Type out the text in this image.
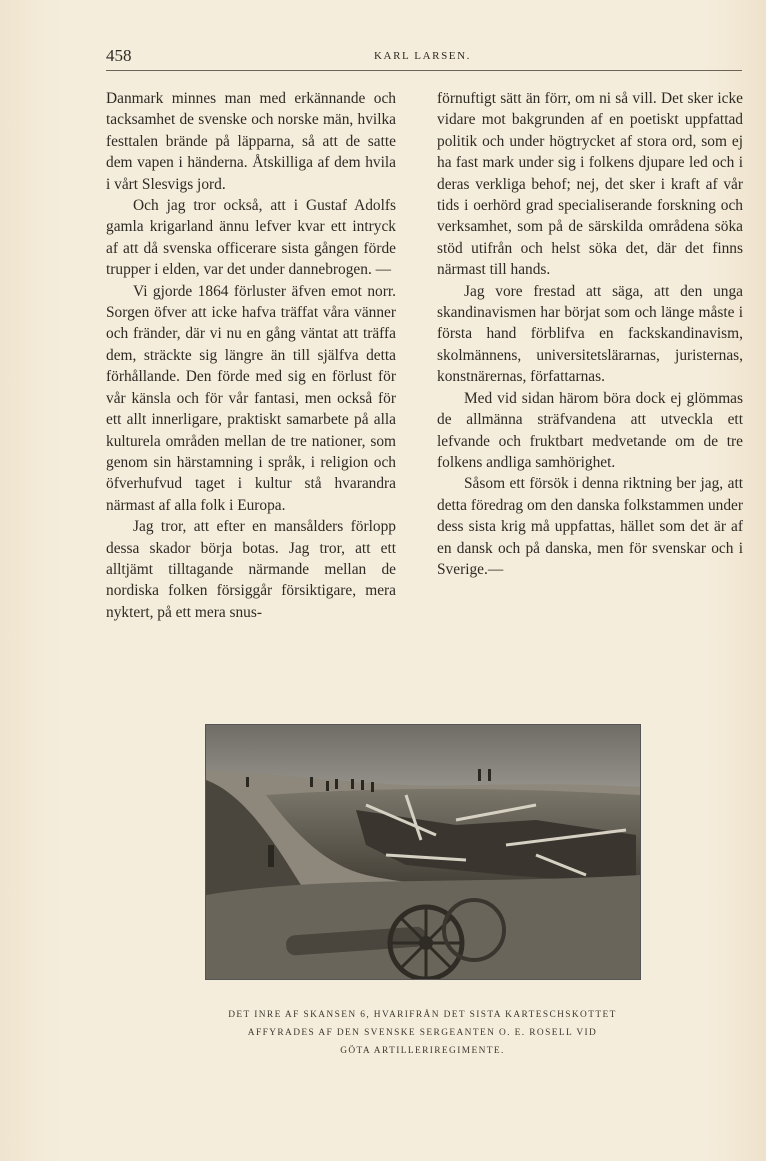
458	KARL LARSEN.

Danmark minnes man med erkännande och tacksamhet de svenske och norske män, hvilka festtalen brände på läpparna, så att de satte dem vapen i händerna. Åtskilliga af dem hvila i vårt Slesvigs jord.

Och jag tror också, att i Gustaf Adolfs gamla krigarland ännu lefver kvar ett intryck af att då svenska officerare sista gången förde trupper i elden, var det under dannebrogen. —

Vi gjorde 1864 förluster äfven emot norr. Sorgen öfver att icke hafva träffat våra vänner och fränder, där vi nu en gång väntat att träffa dem, sträckte sig längre än till själfva detta förhållande. Den förde med sig en förlust för vår känsla och för vår fantasi, men också för ett allt innerligare, praktiskt samarbete på alla kulturela områden mellan de tre nationer, som genom sin härstamning i språk, i religion och öfverhufvud taget i kultur stå hvarandra närmast af alla folk i Europa.

Jag tror, att efter en mansålders förlopp dessa skador börja botas. Jag tror, att ett alltjämt tilltagande närmande mellan de nordiska folken försiggår försiktigare, mera nyktert, på ett mera snus-

förnuftigt sätt än förr, om ni så vill. Det sker icke vidare mot bakgrunden af en poetiskt uppfattad politik och under högtrycket af stora ord, som ej ha fast mark under sig i folkens djupare led och i deras verkliga behof; nej, det sker i kraft af vår tids i oerhörd grad specialiserande forskning och verksamhet, som på de särskilda områdena söka stöd utifrån och helst söka det, där det finns närmast till hands.

Jag vore frestad att säga, att den unga skandinavismen har börjat som och länge måste i första hand förblifva en fackskandinavism, skolmännens, universitetslärarnas, juristernas, konstnärernas, författarnas.

Med vid sidan härom böra dock ej glömmas de allmänna sträfvandena att utveckla ett lefvande och fruktbart medvetande om de tre folkens andliga samhörighet.

Såsom ett försök i denna riktning ber jag, att detta föredrag om den danska folkstammen under dess sista krig må uppfattas, hället som det är af en dansk och på danska, men för svenskar och i Sverige.—

DET INRE AF SKANSEN 6, HVARIFRÅN DET SISTA KARTESCHSKOTTET
AFFYRADES AF DEN SVENSKE SERGEANTEN O. E. ROSELL VID
GÖTA ARTILLERIREGIMENTE.
